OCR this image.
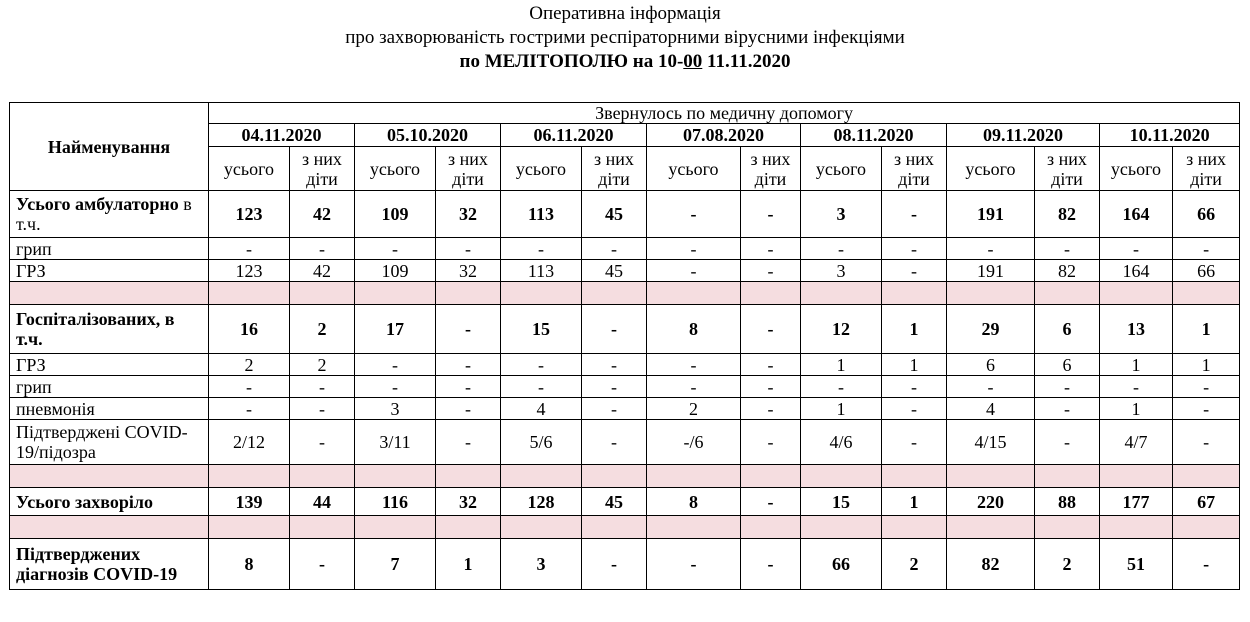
Оперативна інформація
про захворюваність гострими респіраторними вірусними інфекціями
по МЕЛІТОПОЛЮ на 10-00 11.11.2020
Найменування	Звернулось по медичну допомогу													
	04.11.2020		05.10.2020		06.11.2020		07.08.2020		08.11.2020		09.11.2020		10.11.2020	
	усього	з них діти	усього	з них діти	усього	з них діти	усього	з них діти	усього	з них діти	усього	з них діти	усього	з них діти
Усього амбулаторно в т.ч.	123	42	109	32	113	45	-	-	3	-	191	82	164	66
грип	-	-	-	-	-	-	-	-	-	-	-	-	-	-
ГРЗ	123	42	109	32	113	45	-	-	3	-	191	82	164	66

Госпіталізованих, в т.ч.	16	2	17	-	15	-	8	-	12	1	29	6	13	1
ГРЗ	2	2	-	-	-	-	-	-	1	1	6	6	1	1
грип	-	-	-	-	-	-	-	-	-	-	-	-	-	-
пневмонія	-	-	3	-	4	-	2	-	1	-	4	-	1	-
Підтверджені COVID-19/підозра	2/12	-	3/11	-	5/6	-	-/6	-	4/6	-	4/15	-	4/7	-

Усього захворіло	139	44	116	32	128	45	8	-	15	1	220	88	177	67

Підтверджених діагнозів COVID-19	8	-	7	1	3	-	-	-	66	2	82	2	51	-
